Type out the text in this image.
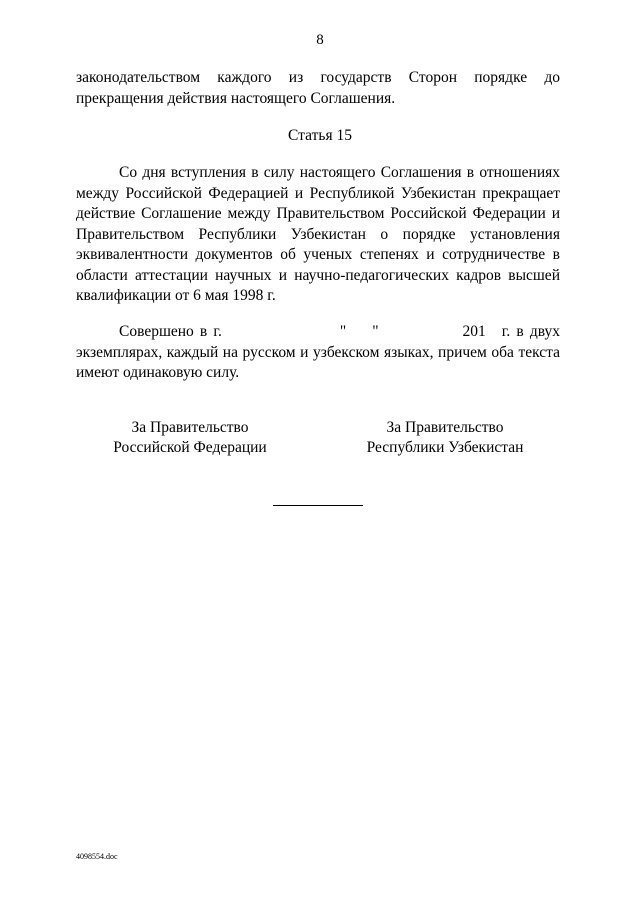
8

законодательством каждого из государств Сторон порядке до прекращения действия настоящего Соглашения.

Статья 15

Со дня вступления в силу настоящего Соглашения в отношениях между Российской Федерацией и Республикой Узбекистан прекращает действие Соглашение между Правительством Российской Федерации и Правительством Республики Узбекистан о порядке установления эквивалентности документов об ученых степенях и сотрудничестве в области аттестации научных и научно-педагогических кадров высшей квалификации от 6 мая 1998 г.

Совершено в г.	" "	201 г. в двух экземплярах, каждый на русском и узбекском языках, причем оба текста имеют одинаковую силу.

За Правительство
Российской Федерации
За Правительство
Республики Узбекистан
4098554.doc
